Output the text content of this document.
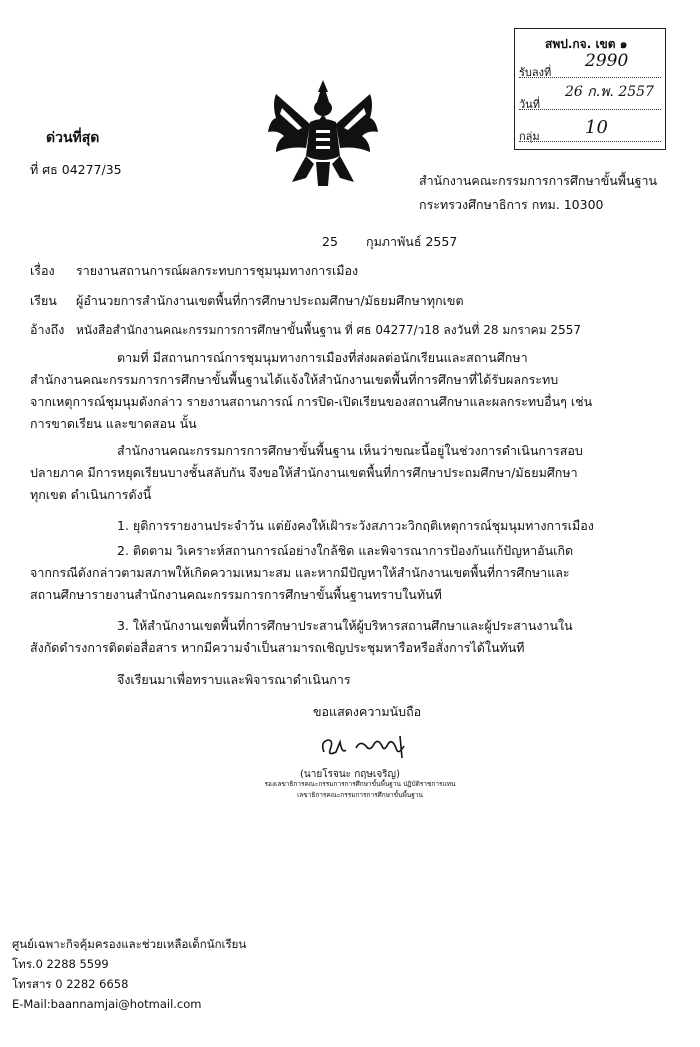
สพป.กจ. เขต ๑
รับลงที่
2990
วันที่
26 ก.พ. 2557
กลุ่ม	10
ด่วนที่สุด
ที่ ศธ 04277/35
สำนักงานคณะกรรมการการศึกษาขั้นพื้นฐาน
กระทรวงศึกษาธิการ กทม. 10300
25 กุมภาพันธ์ 2557
เรื่อง รายงานสถานการณ์ผลกระทบการชุมนุมทางการเมือง
เรียน ผู้อำนวยการสำนักงานเขตพื้นที่การศึกษาประถมศึกษา/มัธยมศึกษาทุกเขต
อ้างถึง หนังสือสำนักงานคณะกรรมการการศึกษาขั้นพื้นฐาน ที่ ศธ 04277/ว18 ลงวันที่ 28 มกราคม 2557
ตามที่ มีสถานการณ์การชุมนุมทางการเมืองที่ส่งผลต่อนักเรียนและสถานศึกษา
สำนักงานคณะกรรมการการศึกษาขั้นพื้นฐานได้แจ้งให้สำนักงานเขตพื้นที่การศึกษาที่ได้รับผลกระทบ
จากเหตุการณ์ชุมนุมดังกล่าว รายงานสถานการณ์ การปิด-เปิดเรียนของสถานศึกษาและผลกระทบอื่นๆ เช่น
การขาดเรียน และขาดสอน นั้น
สำนักงานคณะกรรมการการศึกษาขั้นพื้นฐาน เห็นว่าขณะนี้อยู่ในช่วงการดำเนินการสอบ
ปลายภาค มีการหยุดเรียนบางชั้นสลับกัน จึงขอให้สำนักงานเขตพื้นที่การศึกษาประถมศึกษา/มัธยมศึกษา
ทุกเขต ดำเนินการดังนี้
1. ยุติการรายงานประจำวัน แต่ยังคงให้เฝ้าระวังสภาวะวิกฤติเหตุการณ์ชุมนุมทางการเมือง
2. ติดตาม วิเคราะห์สถานการณ์อย่างใกล้ชิด และพิจารณาการป้องกันแก้ปัญหาอันเกิด
จากกรณีดังกล่าวตามสภาพให้เกิดความเหมาะสม และหากมีปัญหาให้สำนักงานเขตพื้นที่การศึกษาและ
สถานศึกษารายงานสำนักงานคณะกรรมการการศึกษาขั้นพื้นฐานทราบในทันที
3. ให้สำนักงานเขตพื้นที่การศึกษาประสานให้ผู้บริหารสถานศึกษาและผู้ประสานงานใน
สังกัดดำรงการติดต่อสื่อสาร หากมีความจำเป็นสามารถเชิญประชุมหารือหรือสั่งการได้ในทันที
จึงเรียนมาเพื่อทราบและพิจารณาดำเนินการ
ขอแสดงความนับถือ
(นายโรจนะ กฤษเจริญ)
รองเลขาธิการคณะกรรมการการศึกษาขั้นพื้นฐาน ปฏิบัติราชการแทน
เลขาธิการคณะกรรมการการศึกษาขั้นพื้นฐาน
ศูนย์เฉพาะกิจคุ้มครองและช่วยเหลือเด็กนักเรียน
โทร.0 2288 5599
โทรสาร 0 2282 6658
E-Mail:baannamjai@hotmail.com
